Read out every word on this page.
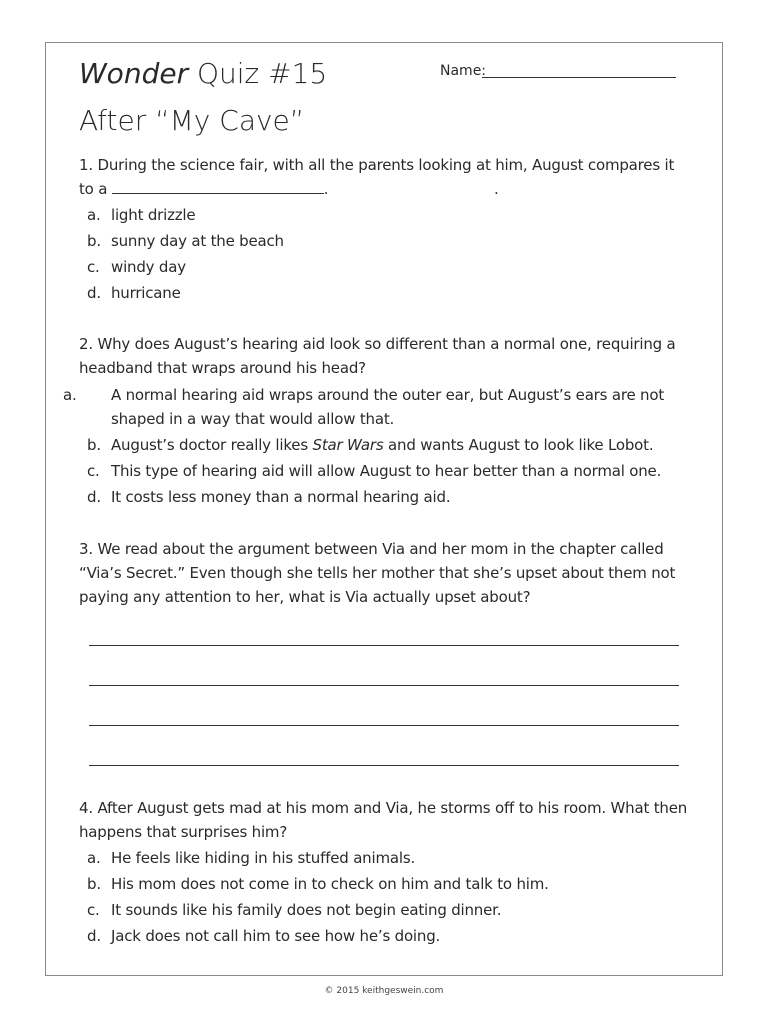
Wonder Quiz #15
After “My Cave”
Name:
1. During the science fair, with all the parents looking at him, August compares it to a	.	.
a. light drizzle
b. sunny day at the beach
c. windy day
d. hurricane
2. Why does August’s hearing aid look so different than a normal one, requiring a headband that wraps around his head?
a. A normal hearing aid wraps around the outer ear, but August’s ears are not shaped in a way that would allow that.
b. August’s doctor really likes Star Wars and wants August to look like Lobot.
c. This type of hearing aid will allow August to hear better than a normal one.
d. It costs less money than a normal hearing aid.
3. We read about the argument between Via and her mom in the chapter called “Via’s Secret.” Even though she tells her mother that she’s upset about them not paying any attention to her, what is Via actually upset about?
4. After August gets mad at his mom and Via, he storms off to his room. What then happens that surprises him?
a. He feels like hiding in his stuffed animals.
b. His mom does not come in to check on him and talk to him.
c. It sounds like his family does not begin eating dinner.
d. Jack does not call him to see how he’s doing.
© 2015 keithgeswein.com
